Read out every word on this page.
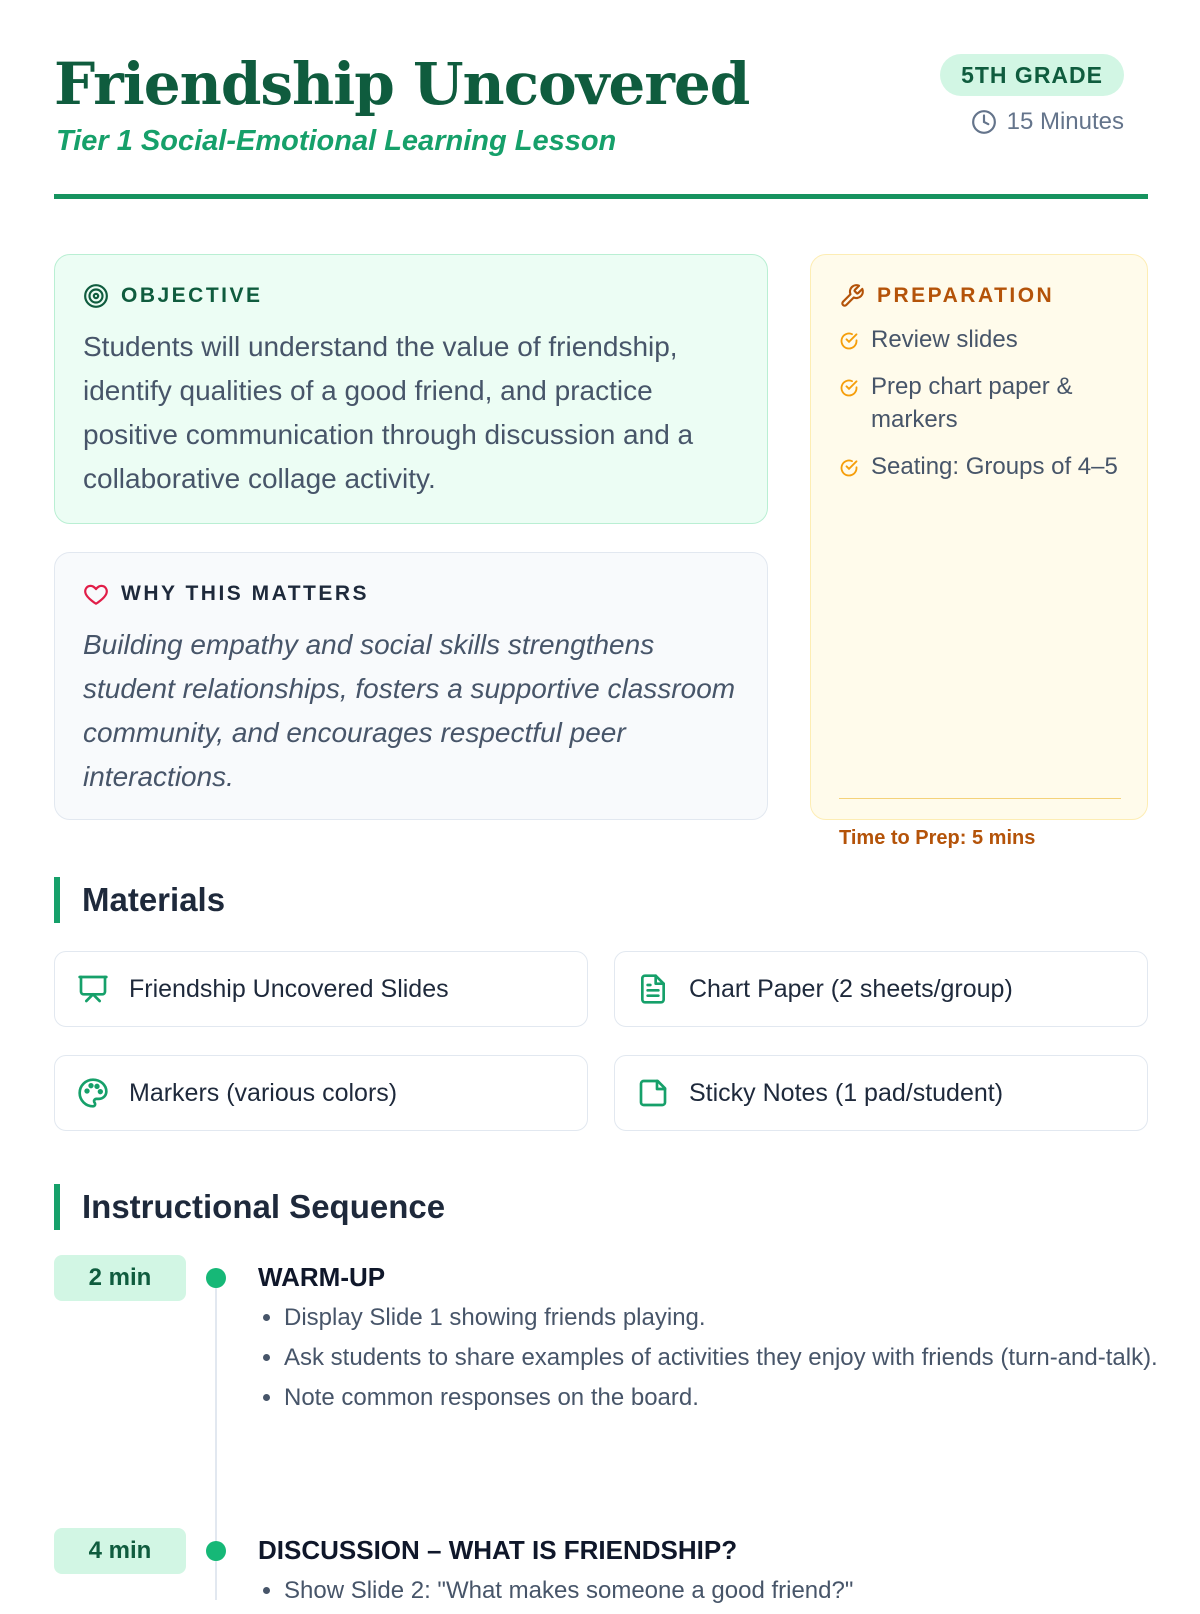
Friendship Uncovered
Tier 1 Social-Emotional Learning Lesson
5TH GRADE
15 Minutes
OBJECTIVE
Students will understand the value of friendship, identify qualities of a good friend, and practice positive communication through discussion and a collaborative collage activity.
WHY THIS MATTERS
Building empathy and social skills strengthens student relationships, fosters a supportive classroom community, and encourages respectful peer interactions.
PREPARATION
Review slides
Prep chart paper & markers
Seating: Groups of 4–5
Time to Prep: 5 mins
Materials
Friendship Uncovered Slides	Chart Paper (2 sheets/group)
Markers (various colors)	Sticky Notes (1 pad/student)
Instructional Sequence
2 min	WARM-UP
• Display Slide 1 showing friends playing.
• Ask students to share examples of activities they enjoy with friends (turn-and-talk).
• Note common responses on the board.
4 min	DISCUSSION – WHAT IS FRIENDSHIP?
• Show Slide 2: "What makes someone a good friend?"
